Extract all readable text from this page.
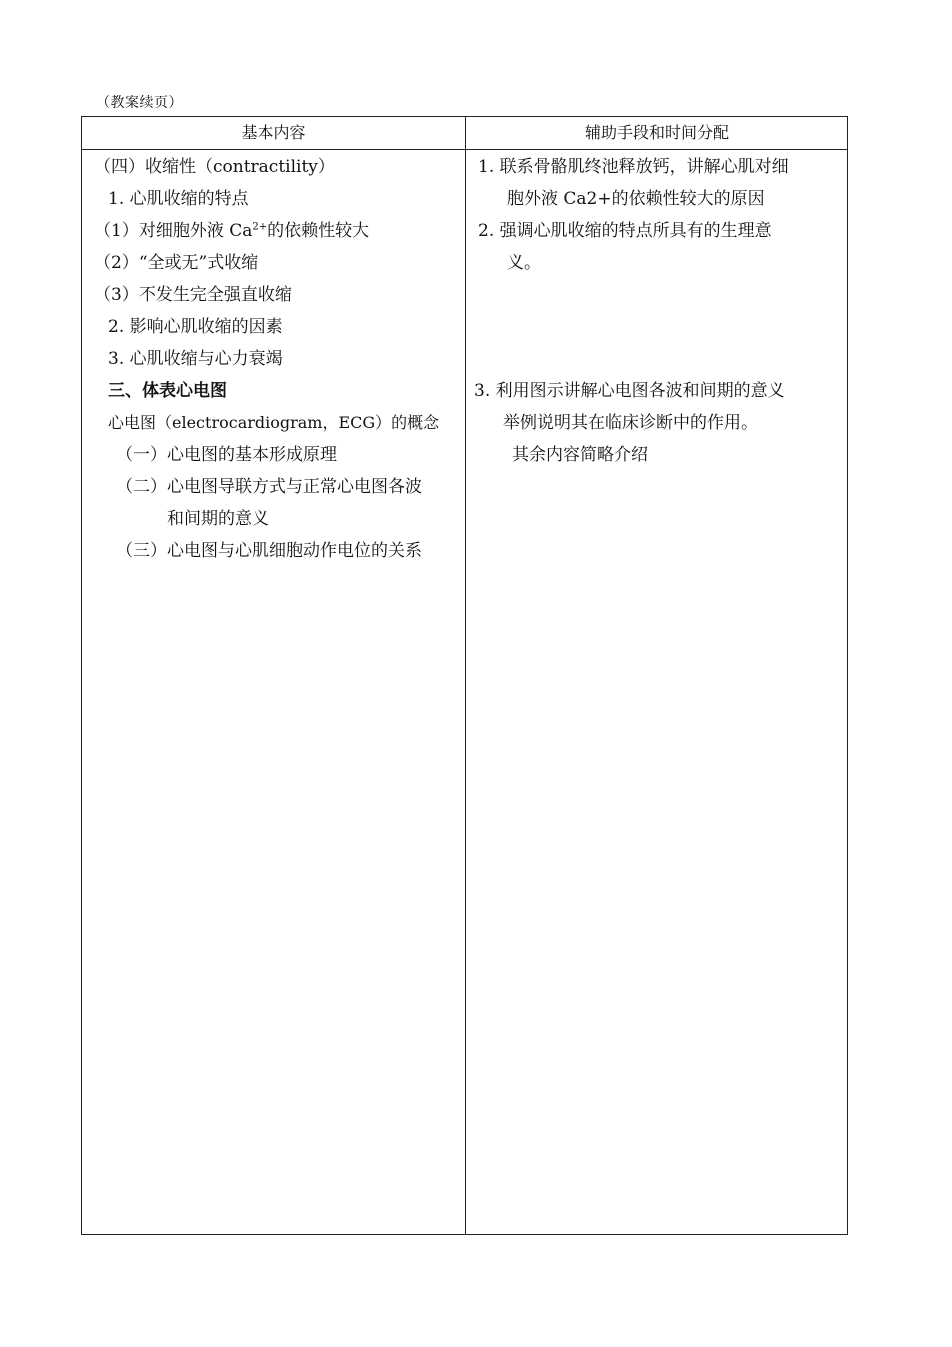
（教案续页）
基本内容	辅助手段和时间分配
（四）收缩性（contractility）
1. 心肌收缩的特点
（1）对细胞外液 $Ca^{2+}$的依赖性较大
（2）“全或无”式收缩
（3）不发生完全强直收缩
2. 影响心肌收缩的因素
3. 心肌收缩与心力衰竭
三、体表心电图
心电图（electrocardiogram，ECG）的概念
（一）心电图的基本形成原理
（二）心电图导联方式与正常心电图各波
和间期的意义
（三）心电图与心肌细胞动作电位的关系
1. 联系骨骼肌终池释放钙，讲解心肌对细
胞外液 Ca2+的依赖性较大的原因
2. 强调心肌收缩的特点所具有的生理意
义。
3. 利用图示讲解心电图各波和间期的意义
举例说明其在临床诊断中的作用。
其余内容简略介绍
